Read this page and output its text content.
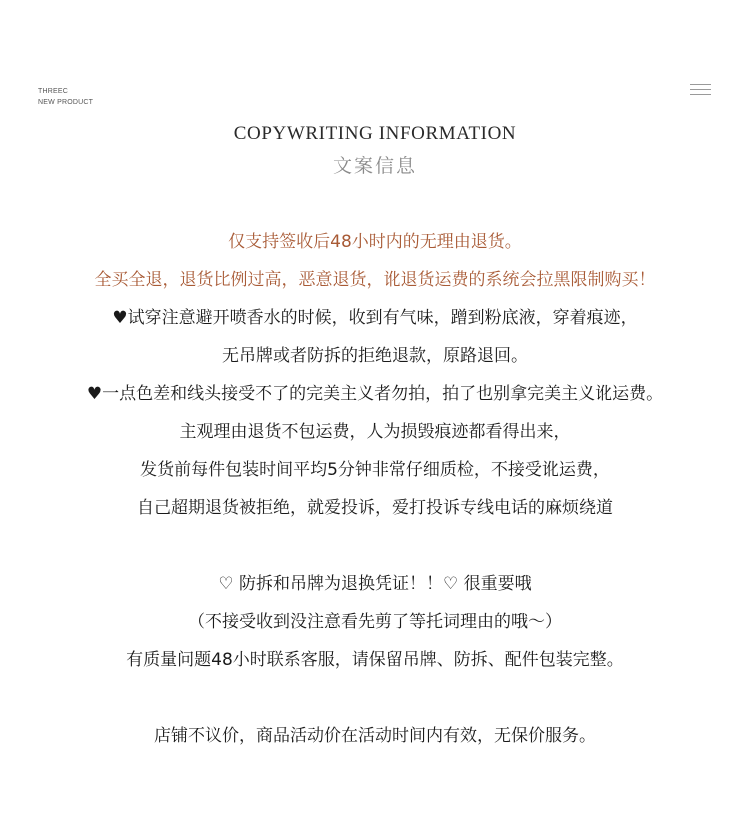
THREEC
NEW PRODUCT
COPYWRITING INFORMATION
文案信息
仅支持签收后48小时内的无理由退货。
全买全退，退货比例过高，恶意退货，讹退货运费的系统会拉黑限制购买！
♥试穿注意避开喷香水的时候，收到有气味，蹭到粉底液，穿着痕迹，
无吊牌或者防拆的拒绝退款，原路退回。
♥一点色差和线头接受不了的完美主义者勿拍，拍了也别拿完美主义讹运费。
主观理由退货不包运费，人为损毁痕迹都看得出来，
发货前每件包装时间平均5分钟非常仔细质检，不接受讹运费，
自己超期退货被拒绝，就爱投诉，爱打投诉专线电话的麻烦绕道
♡ 防拆和吊牌为退换凭证！！♡ 很重要哦
（不接受收到没注意看先剪了等托词理由的哦～）
有质量问题48小时联系客服，请保留吊牌、防拆、配件包装完整。
店铺不议价，商品活动价在活动时间内有效，无保价服务。
